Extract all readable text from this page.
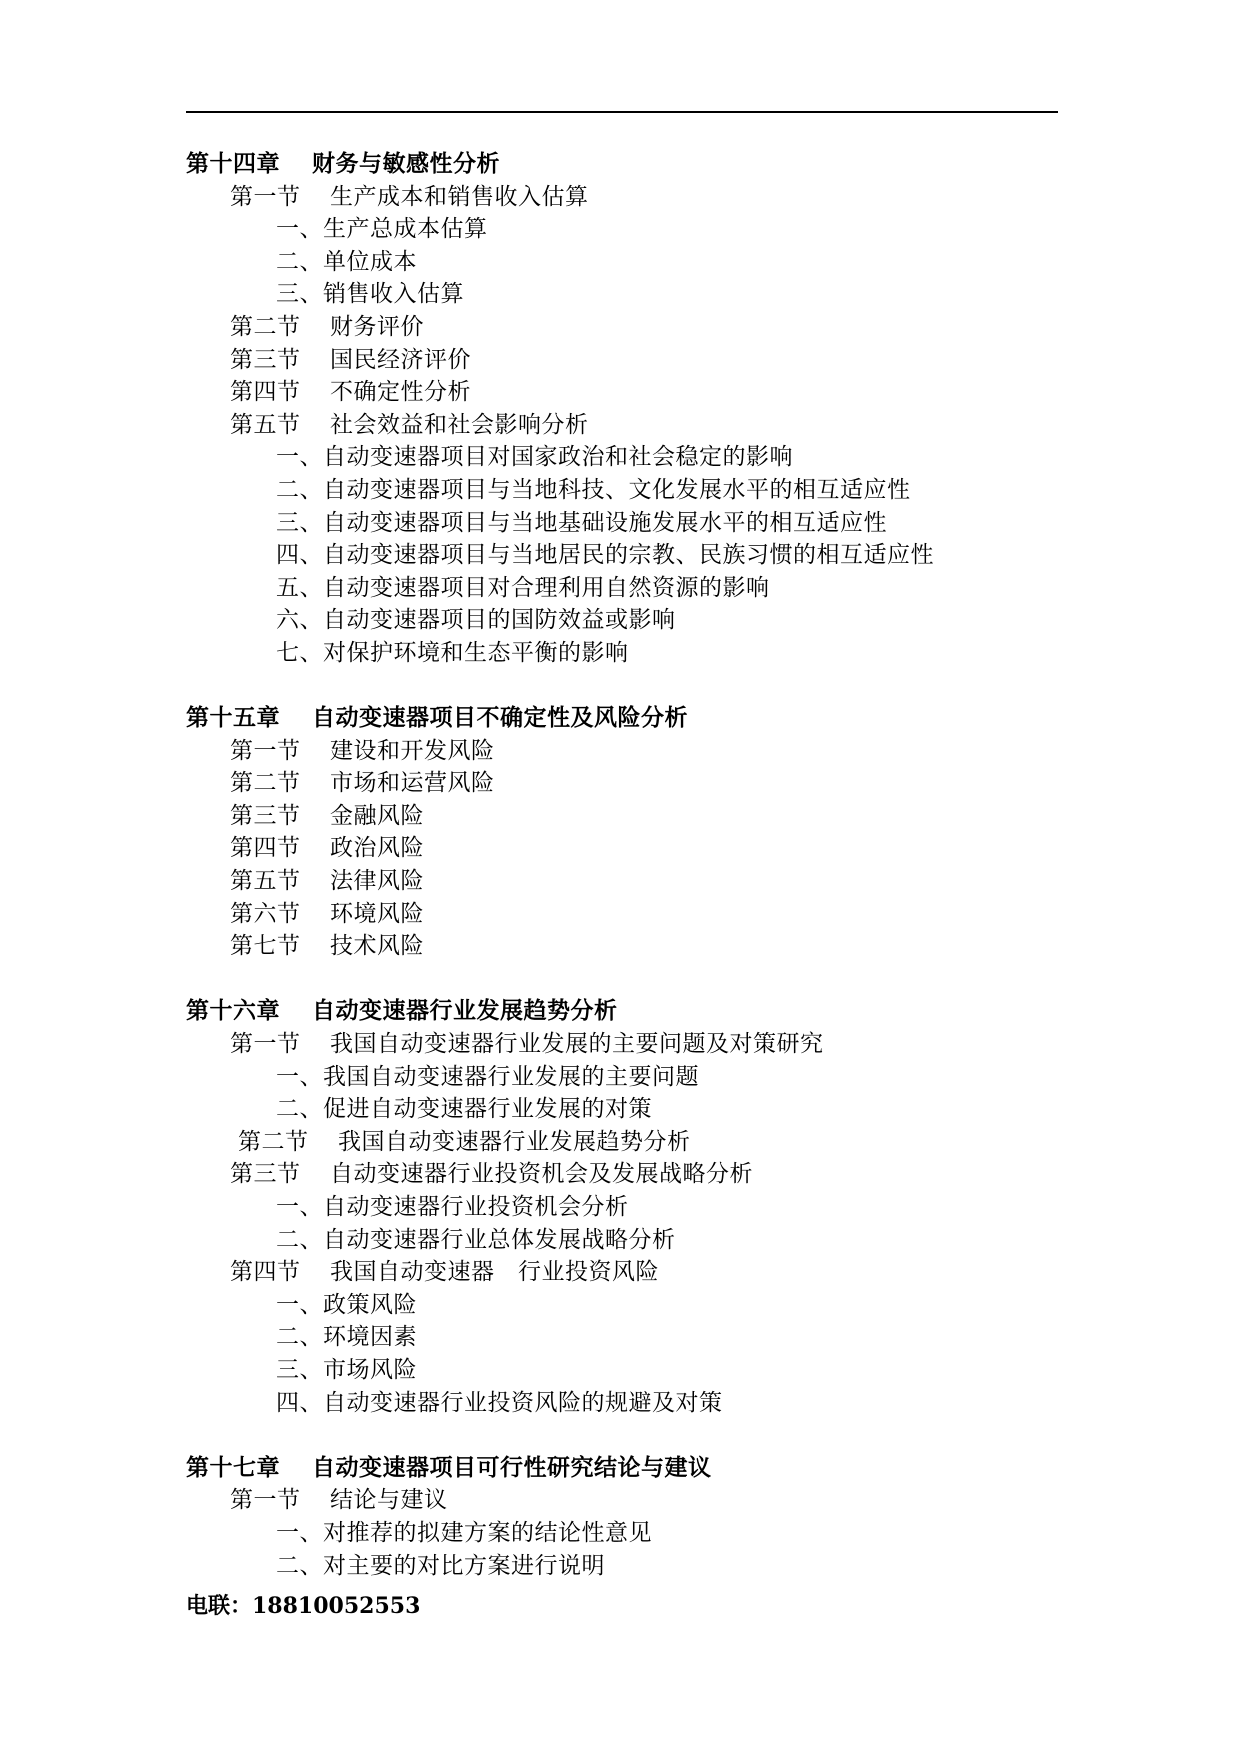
第十四章 财务与敏感性分析
第一节 生产成本和销售收入估算
一、生产总成本估算
二、单位成本
三、销售收入估算
第二节 财务评价
第三节 国民经济评价
第四节 不确定性分析
第五节 社会效益和社会影响分析
一、自动变速器项目对国家政治和社会稳定的影响
二、自动变速器项目与当地科技、文化发展水平的相互适应性
三、自动变速器项目与当地基础设施发展水平的相互适应性
四、自动变速器项目与当地居民的宗教、民族习惯的相互适应性
五、自动变速器项目对合理利用自然资源的影响
六、自动变速器项目的国防效益或影响
七、对保护环境和生态平衡的影响
第十五章 自动变速器项目不确定性及风险分析
第一节 建设和开发风险
第二节 市场和运营风险
第三节 金融风险
第四节 政治风险
第五节 法律风险
第六节 环境风险
第七节 技术风险
第十六章 自动变速器行业发展趋势分析
第一节 我国自动变速器行业发展的主要问题及对策研究
一、我国自动变速器行业发展的主要问题
二、促进自动变速器行业发展的对策
第二节 我国自动变速器行业发展趋势分析
第三节 自动变速器行业投资机会及发展战略分析
一、自动变速器行业投资机会分析
二、自动变速器行业总体发展战略分析
第四节 我国自动变速器　行业投资风险
一、政策风险
二、环境因素
三、市场风险
四、自动变速器行业投资风险的规避及对策
第十七章 自动变速器项目可行性研究结论与建议
第一节 结论与建议
一、对推荐的拟建方案的结论性意见
二、对主要的对比方案进行说明
电联：18810052553
